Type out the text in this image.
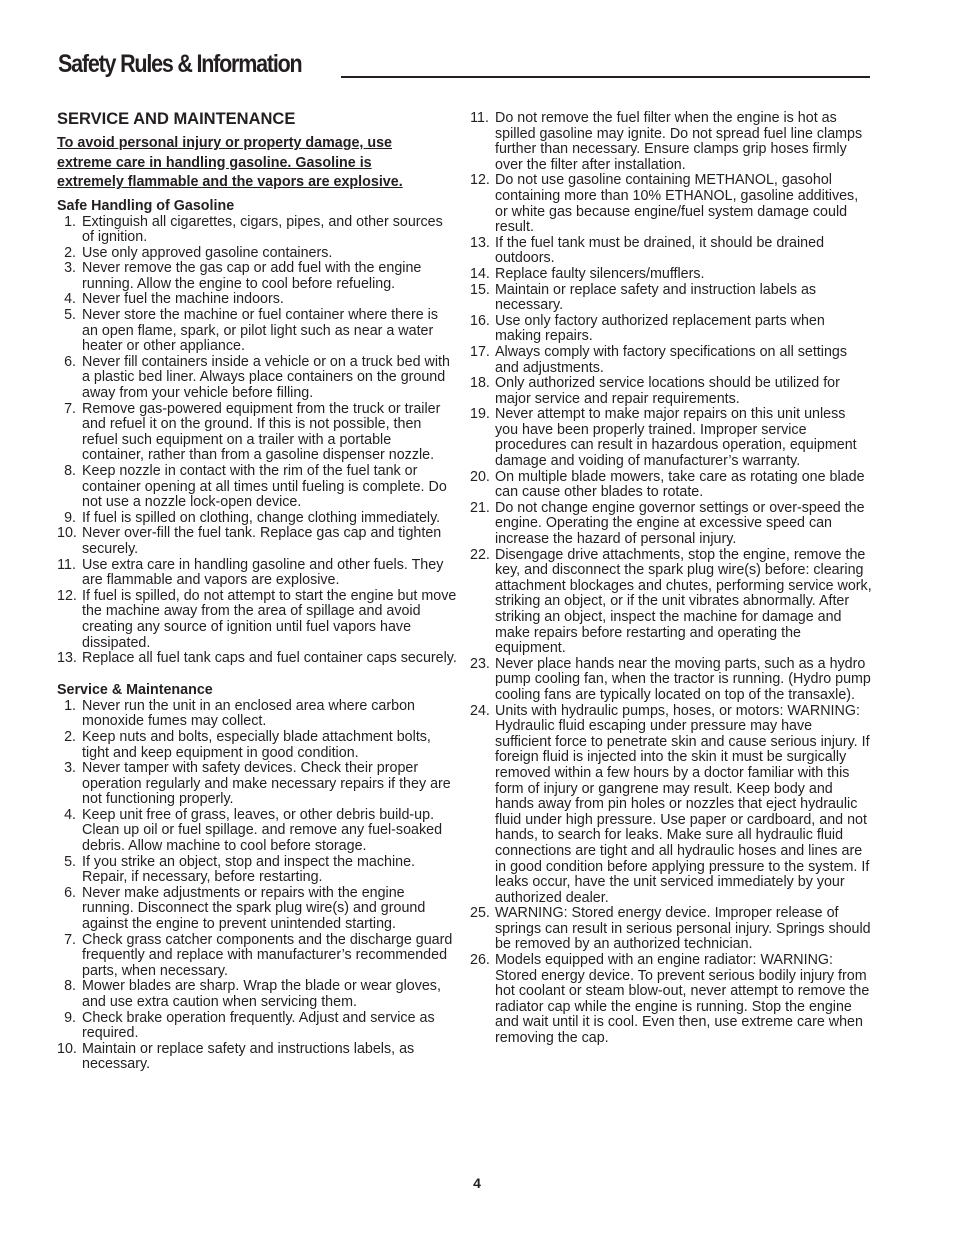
Safety Rules & Information
SERVICE AND MAINTENANCE
To avoid personal injury or property damage, use extreme care in handling gasoline. Gasoline is extremely flammable and the vapors are explosive.
Safe Handling of Gasoline
1. Extinguish all cigarettes, cigars, pipes, and other sources of ignition.
2. Use only approved gasoline containers.
3. Never remove the gas cap or add fuel with the engine running. Allow the engine to cool before refueling.
4. Never fuel the machine indoors.
5. Never store the machine or fuel container where there is an open flame, spark, or pilot light such as near a water heater or other appliance.
6. Never fill containers inside a vehicle or on a truck bed with a plastic bed liner. Always place containers on the ground away from your vehicle before filling.
7. Remove gas-powered equipment from the truck or trailer and refuel it on the ground. If this is not possible, then refuel such equipment on a trailer with a portable container, rather than from a gasoline dispenser nozzle.
8. Keep nozzle in contact with the rim of the fuel tank or container opening at all times until fueling is complete. Do not use a nozzle lock-open device.
9. If fuel is spilled on clothing, change clothing immediately.
10. Never over-fill the fuel tank. Replace gas cap and tighten securely.
11. Use extra care in handling gasoline and other fuels. They are flammable and vapors are explosive.
12. If fuel is spilled, do not attempt to start the engine but move the machine away from the area of spillage and avoid creating any source of ignition until fuel vapors have dissipated.
13. Replace all fuel tank caps and fuel container caps securely.
Service & Maintenance
1. Never run the unit in an enclosed area where carbon monoxide fumes may collect.
2. Keep nuts and bolts, especially blade attachment bolts, tight and keep equipment in good condition.
3. Never tamper with safety devices. Check their proper operation regularly and make necessary repairs if they are not functioning properly.
4. Keep unit free of grass, leaves, or other debris build-up. Clean up oil or fuel spillage. and remove any fuel-soaked debris. Allow machine to cool before storage.
5. If you strike an object, stop and inspect the machine. Repair, if necessary, before restarting.
6. Never make adjustments or repairs with the engine running. Disconnect the spark plug wire(s) and ground against the engine to prevent unintended starting.
7. Check grass catcher components and the discharge guard frequently and replace with manufacturer’s recommended parts, when necessary.
8. Mower blades are sharp. Wrap the blade or wear gloves, and use extra caution when servicing them.
9. Check brake operation frequently. Adjust and service as required.
10. Maintain or replace safety and instructions labels, as necessary.
11. Do not remove the fuel filter when the engine is hot as spilled gasoline may ignite. Do not spread fuel line clamps further than necessary. Ensure clamps grip hoses firmly over the filter after installation.
12. Do not use gasoline containing METHANOL, gasohol containing more than 10% ETHANOL, gasoline additives, or white gas because engine/fuel system damage could result.
13. If the fuel tank must be drained, it should be drained outdoors.
14. Replace faulty silencers/mufflers.
15. Maintain or replace safety and instruction labels as necessary.
16. Use only factory authorized replacement parts when making repairs.
17. Always comply with factory specifications on all settings and adjustments.
18. Only authorized service locations should be utilized for major service and repair requirements.
19. Never attempt to make major repairs on this unit unless you have been properly trained. Improper service procedures can result in hazardous operation, equipment damage and voiding of manufacturer’s warranty.
20. On multiple blade mowers, take care as rotating one blade can cause other blades to rotate.
21. Do not change engine governor settings or over-speed the engine. Operating the engine at excessive speed can increase the hazard of personal injury.
22. Disengage drive attachments, stop the engine, remove the key, and disconnect the spark plug wire(s) before: clearing attachment blockages and chutes, performing service work, striking an object, or if the unit vibrates abnormally. After striking an object, inspect the machine for damage and make repairs before restarting and operating the equipment.
23. Never place hands near the moving parts, such as a hydro pump cooling fan, when the tractor is running. (Hydro pump cooling fans are typically located on top of the transaxle).
24. Units with hydraulic pumps, hoses, or motors: WARNING: Hydraulic fluid escaping under pressure may have sufficient force to penetrate skin and cause serious injury. If foreign fluid is injected into the skin it must be surgically removed within a few hours by a doctor familiar with this form of injury or gangrene may result. Keep body and hands away from pin holes or nozzles that eject hydraulic fluid under high pressure. Use paper or cardboard, and not hands, to search for leaks. Make sure all hydraulic fluid connections are tight and all hydraulic hoses and lines are in good condition before applying pressure to the system. If leaks occur, have the unit serviced immediately by your authorized dealer.
25. WARNING: Stored energy device. Improper release of springs can result in serious personal injury. Springs should be removed by an authorized technician.
26. Models equipped with an engine radiator: WARNING: Stored energy device. To prevent serious bodily injury from hot coolant or steam blow-out, never attempt to remove the radiator cap while the engine is running. Stop the engine and wait until it is cool. Even then, use extreme care when removing the cap.
4
